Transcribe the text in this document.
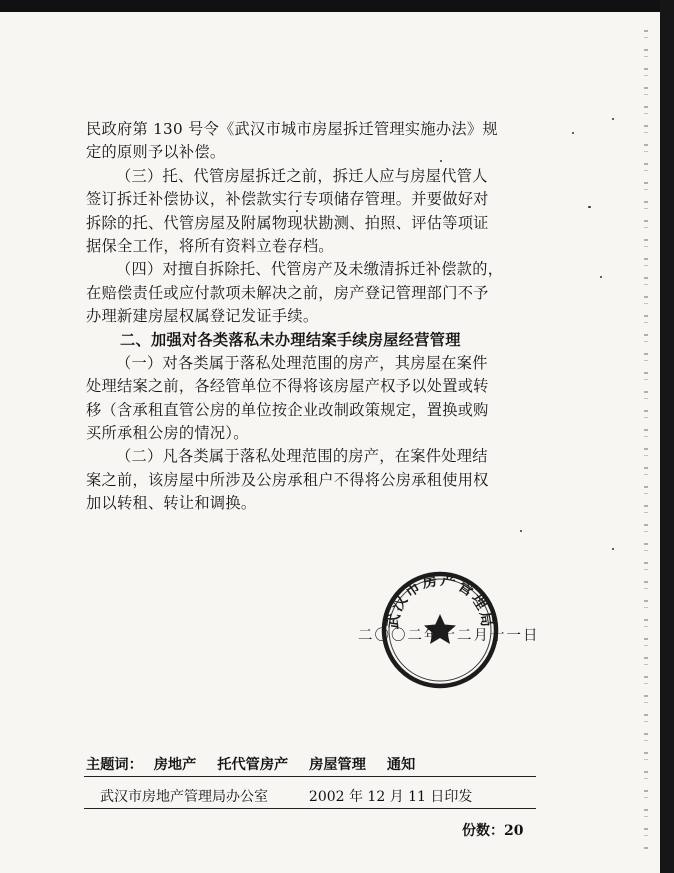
民政府第 130 号令《武汉市城市房屋拆迁管理实施办法》规
定的原则予以补偿。
（三）托、代管房屋拆迁之前，拆迁人应与房屋代管人
签订拆迁补偿协议，补偿款实行专项储存管理。并要做好对
拆除的托、代管房屋及附属物现状勘测、拍照、评估等项证
据保全工作，将所有资料立卷存档。
（四）对擅自拆除托、代管房产及未缴清拆迁补偿款的，
在赔偿责任或应付款项未解决之前，房产登记管理部门不予
办理新建房屋权属登记发证手续。
二、加强对各类落私未办理结案手续房屋经营管理
（一）对各类属于落私处理范围的房产，其房屋在案件
处理结案之前，各经管单位不得将该房屋产权予以处置或转
移（含承租直管公房的单位按企业改制政策规定，置换或购
买所承租公房的情况）。
（二）凡各类属于落私处理范围的房产，在案件处理结
案之前，该房屋中所涉及公房承租户不得将公房承租使用权
加以转租、转让和调换。
武汉市房产管理局
二〇〇二年十二月十一日
主题词： 房地产 托代管房产 房屋管理 通知
武汉市房地产管理局办公室	2002 年 12 月 11 日印发
份数：20
